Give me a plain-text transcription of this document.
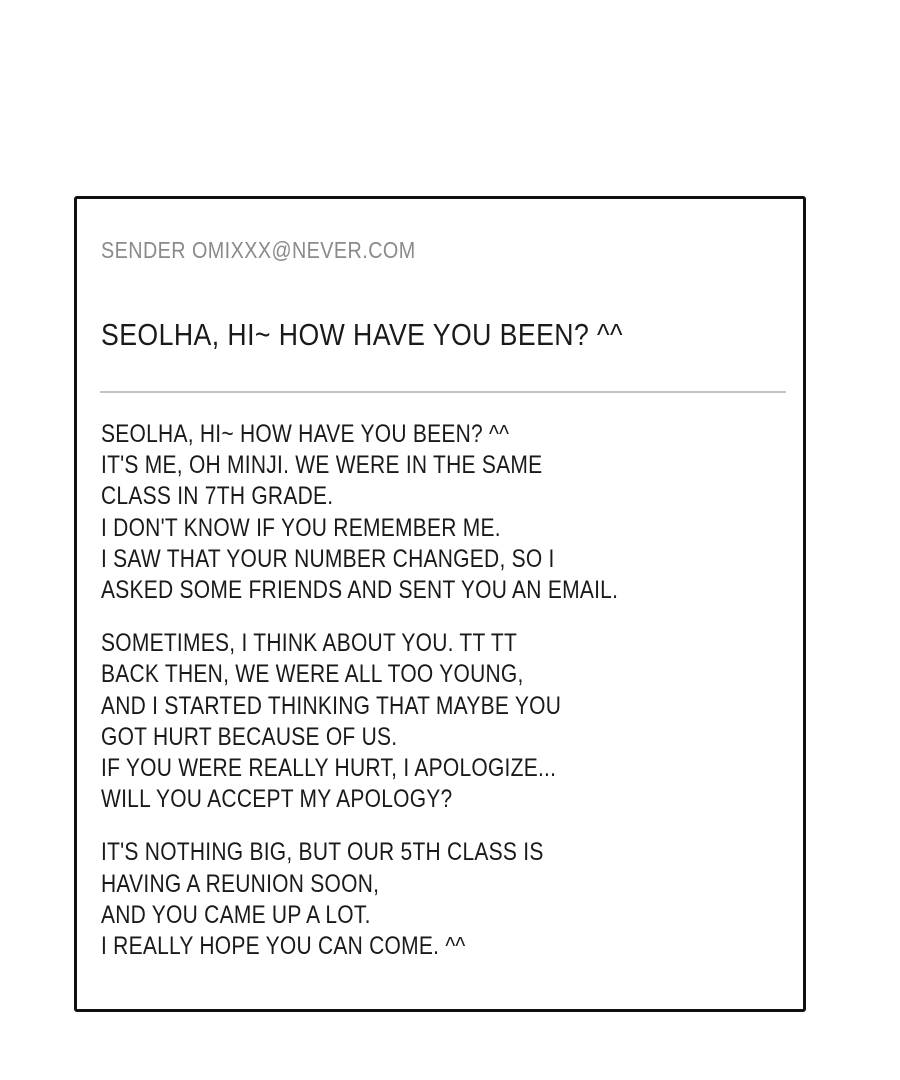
SENDER OMIXXX@NEVER.COM
SEOLHA, HI~ HOW HAVE YOU BEEN? ^^
SEOLHA, HI~ HOW HAVE YOU BEEN? ^^
IT'S ME, OH MINJI. WE WERE IN THE SAME
CLASS IN 7TH GRADE.
I DON'T KNOW IF YOU REMEMBER ME.
I SAW THAT YOUR NUMBER CHANGED, SO I
ASKED SOME FRIENDS AND SENT YOU AN EMAIL.
SOMETIMES, I THINK ABOUT YOU. TT TT
BACK THEN, WE WERE ALL TOO YOUNG,
AND I STARTED THINKING THAT MAYBE YOU
GOT HURT BECAUSE OF US.
IF YOU WERE REALLY HURT, I APOLOGIZE...
WILL YOU ACCEPT MY APOLOGY?
IT'S NOTHING BIG, BUT OUR 5TH CLASS IS
HAVING A REUNION SOON,
AND YOU CAME UP A LOT.
I REALLY HOPE YOU CAN COME. ^^
